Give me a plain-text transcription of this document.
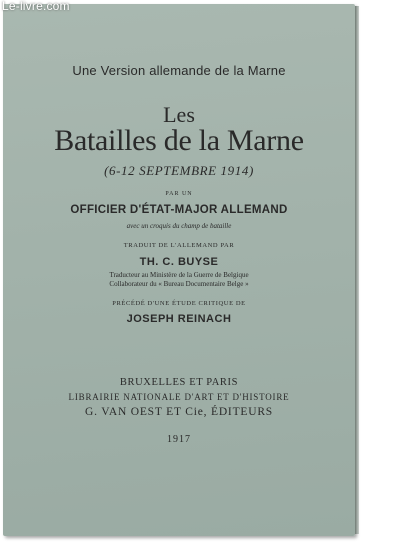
Le-livre.com
Une Version allemande de la Marne
Les
Batailles de la Marne
(6-12 SEPTEMBRE 1914)
PAR UN
OFFICIER D'ÉTAT-MAJOR ALLEMAND
avec un croquis du champ de bataille
TRADUIT DE L'ALLEMAND PAR
TH. C. BUYSE
Traducteur au Ministère de la Guerre de Belgique
Collaborateur du « Bureau Documentaire Belge »
PRÉCÉDÉ D'UNE ÉTUDE CRITIQUE DE
JOSEPH REINACH
BRUXELLES ET PARIS
LIBRAIRIE NATIONALE D'ART ET D'HISTOIRE
G. VAN OEST ET Cie, ÉDITEURS
1917
